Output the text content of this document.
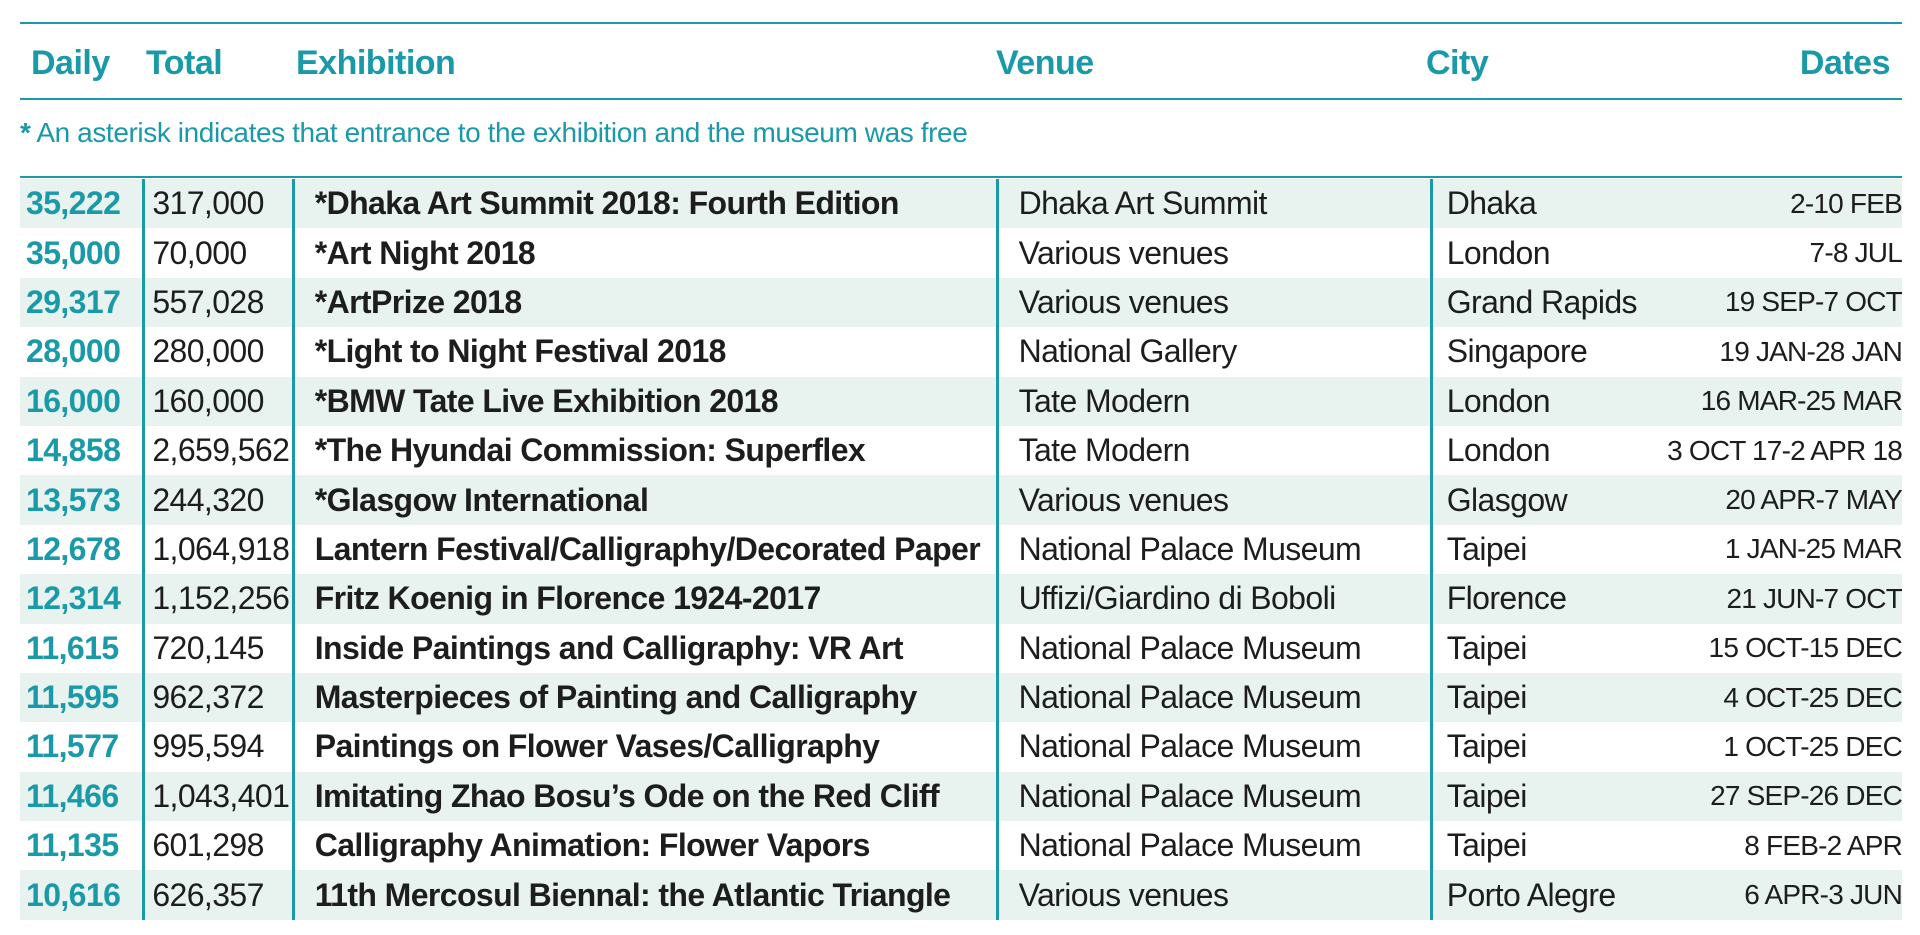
Daily Total Exhibition	Venue	City	Dates
* An asterisk indicates that entrance to the exhibition and the museum was free
35,222	317,000	*Dhaka Art Summit 2018: Fourth Edition	Dhaka Art Summit	Dhaka	2-10 FEB
35,000	70,000	*Art Night 2018	Various venues	London	7-8 JUL
29,317	557,028	*ArtPrize 2018	Various venues	Grand Rapids	19 SEP-7 OCT
28,000	280,000	*Light to Night Festival 2018	National Gallery	Singapore	19 JAN-28 JAN
16,000	160,000	*BMW Tate Live Exhibition 2018	Tate Modern	London	16 MAR-25 MAR
14,858	2,659,562	*The Hyundai Commission: Superflex	Tate Modern	London	3 OCT 17-2 APR 18
13,573	244,320	*Glasgow International	Various venues	Glasgow	20 APR-7 MAY
12,678	1,064,918	Lantern Festival/Calligraphy/Decorated Paper	National Palace Museum	Taipei	1 JAN-25 MAR
12,314	1,152,256	Fritz Koenig in Florence 1924-2017	Uffizi/Giardino di Boboli	Florence	21 JUN-7 OCT
11,615	720,145	Inside Paintings and Calligraphy: VR Art	National Palace Museum	Taipei	15 OCT-15 DEC
11,595	962,372	Masterpieces of Painting and Calligraphy	National Palace Museum	Taipei	4 OCT-25 DEC
11,577	995,594	Paintings on Flower Vases/Calligraphy	National Palace Museum	Taipei	1 OCT-25 DEC
11,466	1,043,401	Imitating Zhao Bosu’s Ode on the Red Cliff	National Palace Museum	Taipei	27 SEP-26 DEC
11,135	601,298	Calligraphy Animation: Flower Vapors	National Palace Museum	Taipei	8 FEB-2 APR
10,616	626,357	11th Mercosul Biennal: the Atlantic Triangle	Various venues	Porto Alegre	6 APR-3 JUN
